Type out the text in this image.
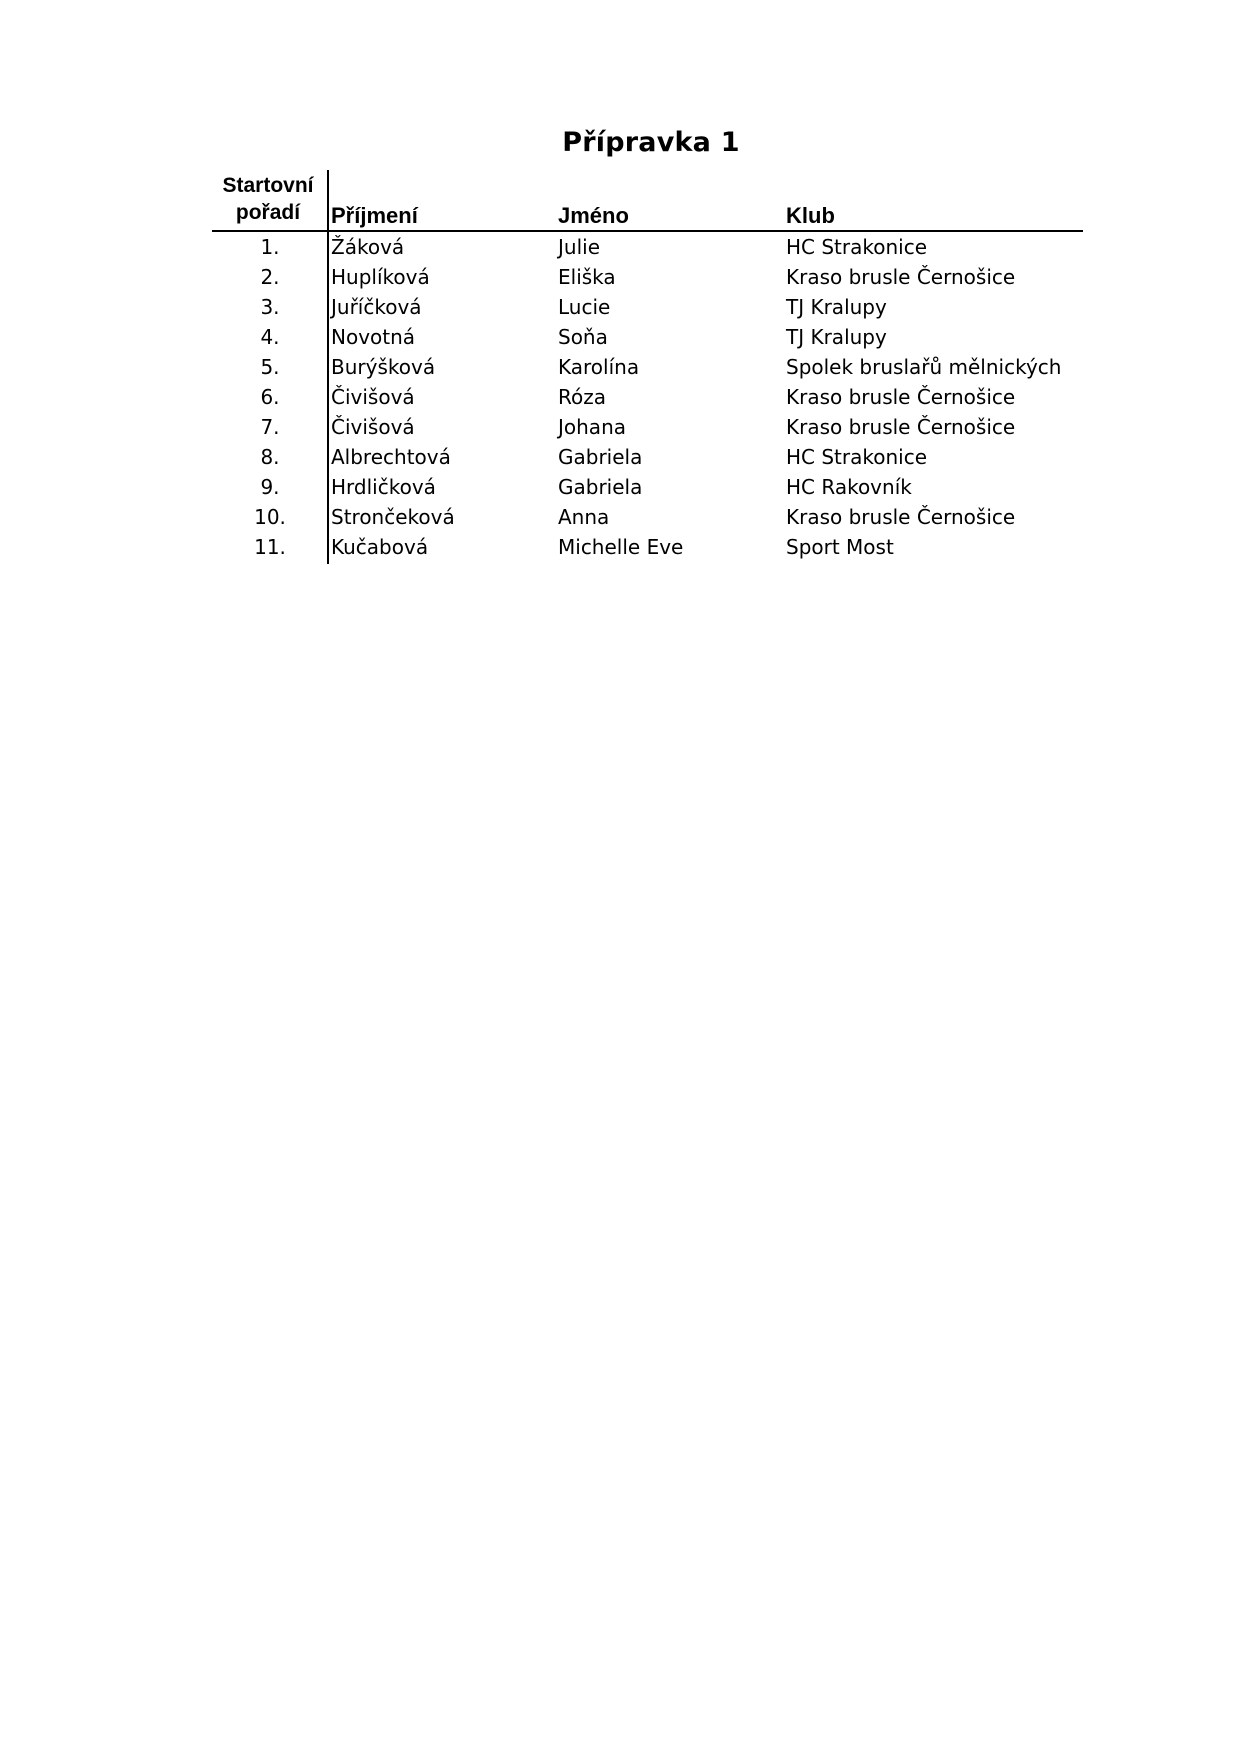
Přípravka 1
Startovní
pořadí	Příjmení	Jméno	Klub
1.	Žáková	Julie	HC Strakonice
2.	Huplíková	Eliška	Kraso brusle Černošice
3.	Juříčková	Lucie	TJ Kralupy
4.	Novotná	Soňa	TJ Kralupy
5.	Burýšková	Karolína	Spolek bruslařů mělnických
6.	Čivišová	Róza	Kraso brusle Černošice
7.	Čivišová	Johana	Kraso brusle Černošice
8.	Albrechtová	Gabriela	HC Strakonice
9.	Hrdličková	Gabriela	HC Rakovník
10.	Strončeková	Anna	Kraso brusle Černošice
11.	Kučabová	Michelle Eve	Sport Most
